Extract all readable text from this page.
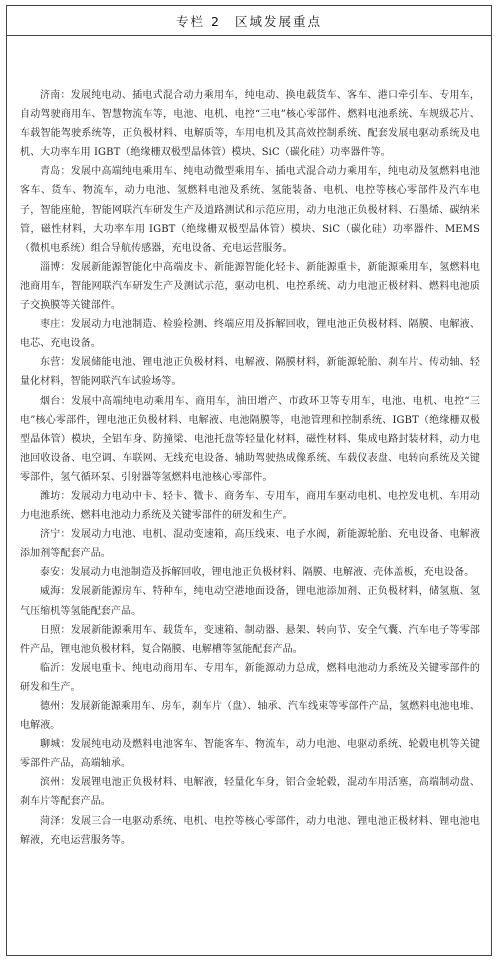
专栏 2 区域发展重点

济南：发展纯电动、插电式混合动力乘用车，纯电动、换电载货车、客车、港口牵引车、专用车，自动驾驶商用车、智慧物流车等，电池、电机、电控“三电”核心零部件、燃料电池系统、车规级芯片、车载智能驾驶系统等，正负极材料、电解质等，车用电机及其高效控制系统、配套发展电驱动系统及电机、大功率车用 IGBT（绝缘栅双极型晶体管）模块、SiC（碳化硅）功率器件等。

青岛：发展中高端纯电乘用车、纯电动微型乘用车、插电式混合动力乘用车，纯电动及氢燃料电池客车、货车、物流车，动力电池、氢燃料电池及系统、氢能装备、电机、电控等核心零部件及汽车电子，智能座舱，智能网联汽车研发生产及道路测试和示范应用，动力电池正负极材料、石墨烯、碳纳米管，磁性材料，大功率车用 IGBT（绝缘栅双极型晶体管）模块、SiC（碳化硅）功率器件、MEMS（微机电系统）组合导航传感器，充电设备、充电运营服务。

淄博：发展新能源智能化中高端皮卡、新能源智能化轻卡、新能源重卡，新能源乘用车，氢燃料电池商用车，智能网联汽车研发生产及测试示范，驱动电机、电控系统、动力电池正极材料、燃料电池质子交换膜等关键部件。

枣庄：发展动力电池制造、检验检测、终端应用及拆解回收，锂电池正负极材料、隔膜、电解液、电芯、充电设备。

东营：发展储能电池、锂电池正负极材料、电解液、隔膜材料，新能源轮胎、刹车片、传动轴、轻量化材料，智能网联汽车试验场等。

烟台：发展中高端纯电动乘用车、商用车，油田增产、市政环卫等专用车，电池、电机、电控“三电”核心零部件，锂电池正负极材料、电解液、电池隔膜等，电池管理和控制系统、IGBT（绝缘栅双极型晶体管）模块，全铝车身、防撞梁、电池托盘等轻量化材料，磁性材料、集成电路封装材料，动力电池回收设备、电空调、车联网、无线充电设备、辅助驾驶热成像系统、车载仪表盘、电转向系统及关键零部件，氢气循环泵、引射器等氢燃料电池核心零部件。

潍坊：发展动力电动中卡、轻卡、微卡、商务车、专用车，商用车驱动电机、电控发电机、车用动力电池系统、燃料电池动力系统及关键零部件的研发和生产。

济宁：发展动力电池、电机、混动变速箱，高压线束、电子水阀，新能源轮胎、充电设备、电解液添加剂等配套产品。

泰安：发展动力电池制造及拆解回收，锂电池正负极材料、隔膜、电解液、壳体盖板，充电设备。

威海：发展新能源房车、特种车，纯电动空港地面设备，锂电池添加剂、正负极材料，储氢瓶、氢气压缩机等氢能配套产品。

日照：发展新能源乘用车、载货车，变速箱、制动器、悬架、转向节、安全气囊、汽车电子等零部件产品，锂电池负极材料，复合隔膜、电解槽等氢能配套产品。

临沂：发展电重卡、纯电动商用车、专用车，新能源动力总成，燃料电池动力系统及关键零部件的研发和生产。

德州：发展新能源乘用车、房车，刹车片（盘）、轴承、汽车线束等零部件产品，氢燃料电池电堆、电解液。

聊城：发展纯电动及燃料电池客车、智能客车、物流车，动力电池、电驱动系统、轮毂电机等关键零部件产品，高端轴承。

滨州：发展锂电池正负极材料、电解液，轻量化车身，铝合金轮毂，混动车用活塞，高端制动盘、刹车片等配套产品。

菏泽：发展三合一电驱动系统、电机、电控等核心零部件，动力电池、锂电池正极材料、锂电池电解液，充电运营服务等。
